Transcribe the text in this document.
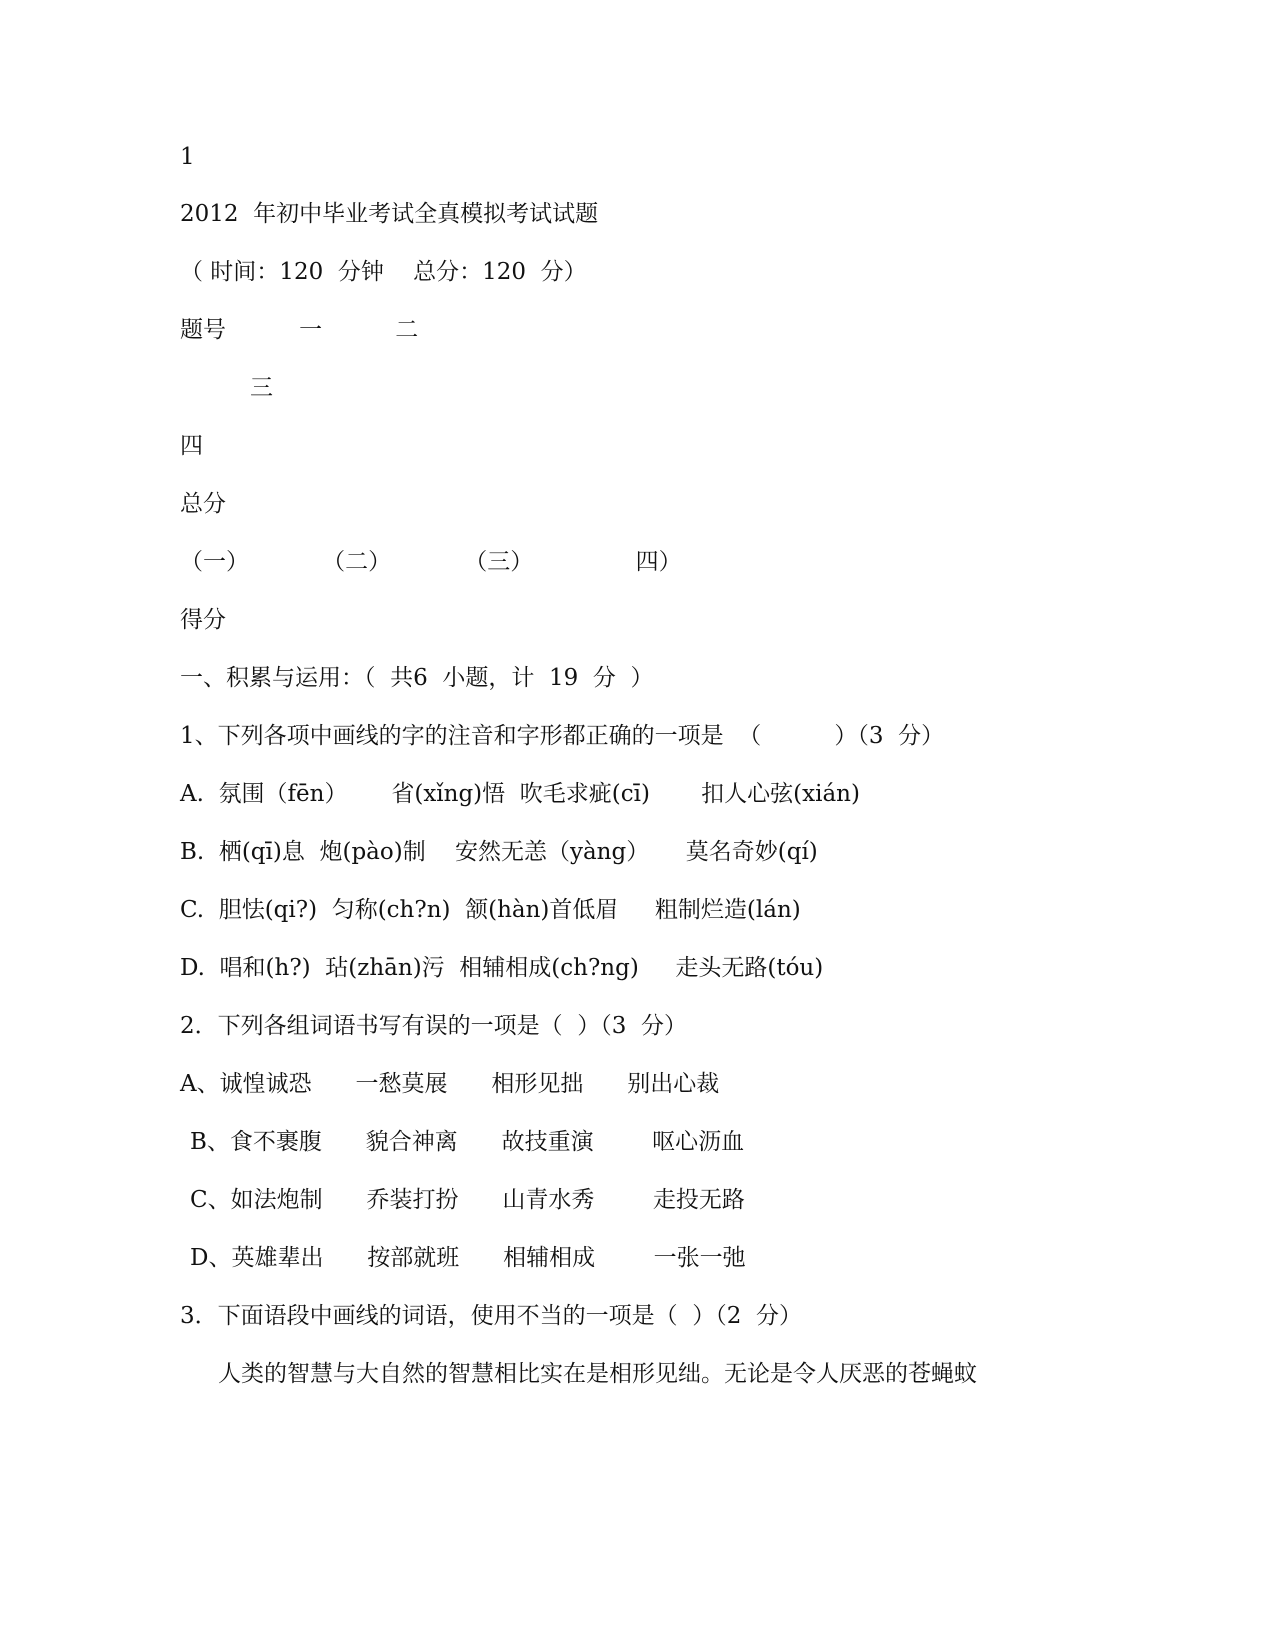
1
2012  年初中毕业考试全真模拟考试试题
（ 时间：120  分钟    总分：120  分）
题号          一          二
三
四
总分
（一）          （二）          （三）              四）
得分
一、积累与运用：（  共6  小题，计  19  分  ）
1、下列各项中画线的字的注音和字形都正确的一项是  （          ）（3  分）
A.  氛围（fēn）      省(xǐng)悟  吹毛求疵(cī)       扣人心弦(xián)
B.  栖(qī)息  炮(pào)制    安然无恙（yàng）     莫名奇妙(qí)
C.  胆怯(qi?)  匀称(ch?n)  颔(hàn)首低眉     粗制烂造(lán)
D.  唱和(h?)  玷(zhān)污  相辅相成(ch?ng)     走头无路(tóu)
2．下列各组词语书写有误的一项是（  ）（3  分）
A、诚惶诚恐      一愁莫展      相形见拙      别出心裁
B、食不裹腹      貌合神离      故技重演        呕心沥血
C、如法炮制      乔装打扮      山青水秀        走投无路
D、英雄辈出      按部就班      相辅相成        一张一弛
3．下面语段中画线的词语，使用不当的一项是（  ）（2  分）
人类的智慧与大自然的智慧相比实在是相形见绌。无论是令人厌恶的苍蝇蚊
